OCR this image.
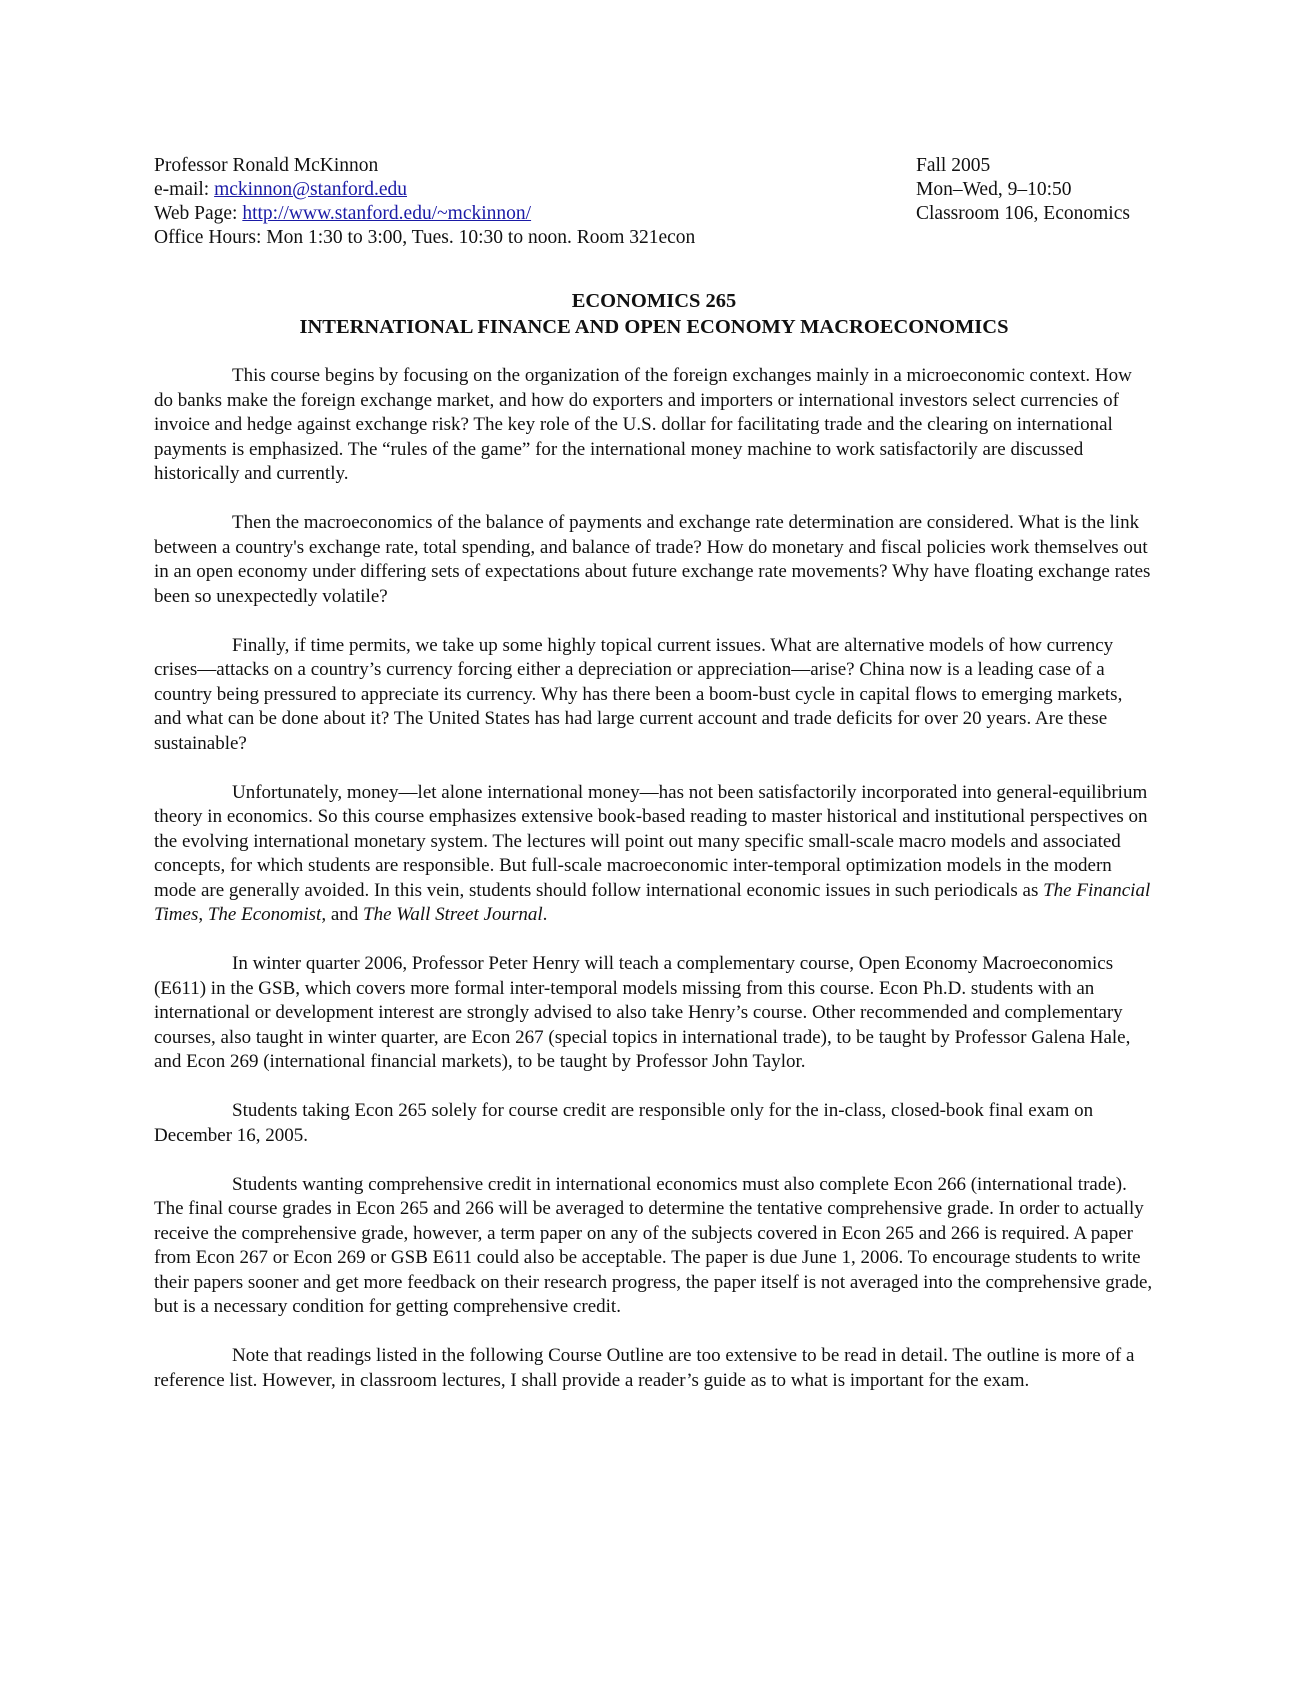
Professor Ronald McKinnon
e-mail: mckinnon@stanford.edu
Web Page: http://www.stanford.edu/~mckinnon/
Office Hours: Mon 1:30 to 3:00, Tues. 10:30 to noon. Room 321econ
Fall 2005
Mon–Wed, 9–10:50
Classroom 106, Economics
ECONOMICS 265
INTERNATIONAL FINANCE AND OPEN ECONOMY MACROECONOMICS

This course begins by focusing on the organization of the foreign exchanges mainly in a microeconomic context. How do banks make the foreign exchange market, and how do exporters and importers or international investors select currencies of invoice and hedge against exchange risk? The key role of the U.S. dollar for facilitating trade and the clearing on international payments is emphasized. The “rules of the game” for the international money machine to work satisfactorily are discussed historically and currently.

Then the macroeconomics of the balance of payments and exchange rate determination are considered. What is the link between a country's exchange rate, total spending, and balance of trade? How do monetary and fiscal policies work themselves out in an open economy under differing sets of expectations about future exchange rate movements? Why have floating exchange rates been so unexpectedly volatile?

Finally, if time permits, we take up some highly topical current issues. What are alternative models of how currency crises—attacks on a country’s currency forcing either a depreciation or appreciation—arise? China now is a leading case of a country being pressured to appreciate its currency. Why has there been a boom-bust cycle in capital flows to emerging markets, and what can be done about it? The United States has had large current account and trade deficits for over 20 years. Are these sustainable?

Unfortunately, money—let alone international money—has not been satisfactorily incorporated into general-equilibrium theory in economics. So this course emphasizes extensive book-based reading to master historical and institutional perspectives on the evolving international monetary system. The lectures will point out many specific small-scale macro models and associated concepts, for which students are responsible. But full-scale macroeconomic inter-temporal optimization models in the modern mode are generally avoided. In this vein, students should follow international economic issues in such periodicals as The Financial Times, The Economist, and The Wall Street Journal.

In winter quarter 2006, Professor Peter Henry will teach a complementary course, Open Economy Macroeconomics (E611) in the GSB, which covers more formal inter-temporal models missing from this course. Econ Ph.D. students with an international or development interest are strongly advised to also take Henry’s course. Other recommended and complementary courses, also taught in winter quarter, are Econ 267 (special topics in international trade), to be taught by Professor Galena Hale, and Econ 269 (international financial markets), to be taught by Professor John Taylor.

Students taking Econ 265 solely for course credit are responsible only for the in-class, closed-book final exam on December 16, 2005.

Students wanting comprehensive credit in international economics must also complete Econ 266 (international trade). The final course grades in Econ 265 and 266 will be averaged to determine the tentative comprehensive grade. In order to actually receive the comprehensive grade, however, a term paper on any of the subjects covered in Econ 265 and 266 is required. A paper from Econ 267 or Econ 269 or GSB E611 could also be acceptable. The paper is due June 1, 2006. To encourage students to write their papers sooner and get more feedback on their research progress, the paper itself is not averaged into the comprehensive grade, but is a necessary condition for getting comprehensive credit.

Note that readings listed in the following Course Outline are too extensive to be read in detail. The outline is more of a reference list. However, in classroom lectures, I shall provide a reader’s guide as to what is important for the exam.
